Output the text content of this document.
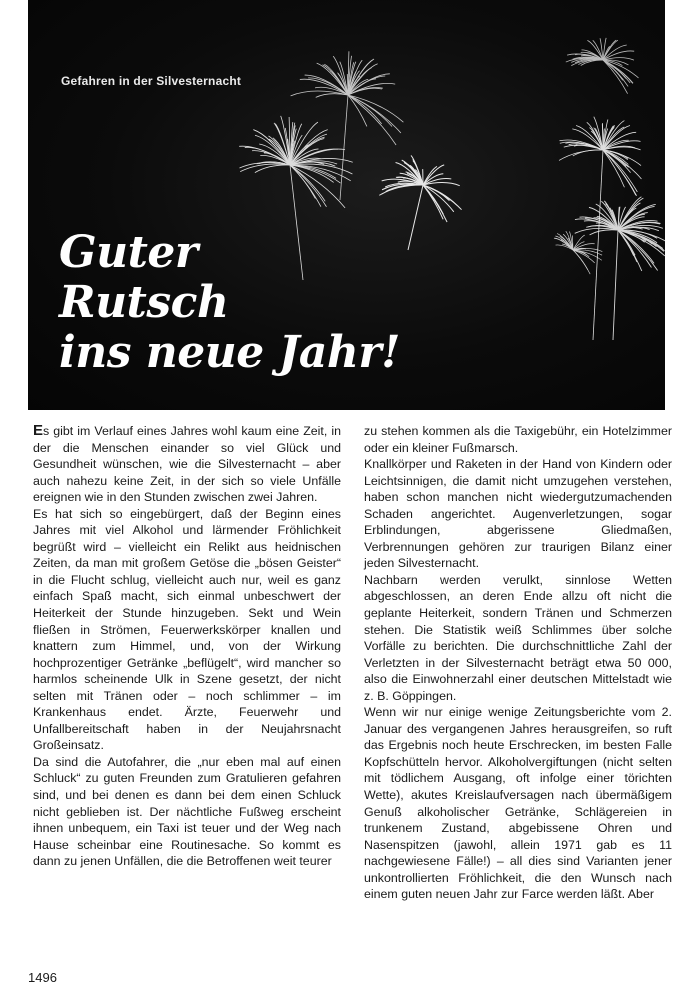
Gefahren in der Silvesternacht

Guter
Rutsch
ins neue Jahr!

Es gibt im Verlauf eines Jahres wohl kaum eine Zeit, in der die Menschen einander so viel Glück und Gesundheit wünschen, wie die Silvesternacht – aber auch nahezu keine Zeit, in der sich so viele Unfälle ereignen wie in den Stunden zwischen zwei Jahren.

Es hat sich so eingebürgert, daß der Beginn eines Jahres mit viel Alkohol und lärmender Fröhlichkeit begrüßt wird – vielleicht ein Relikt aus heidnischen Zeiten, da man mit großem Getöse die „bösen Geister“ in die Flucht schlug, vielleicht auch nur, weil es ganz einfach Spaß macht, sich einmal unbeschwert der Heiterkeit der Stunde hinzugeben. Sekt und Wein fließen in Strömen, Feuerwerkskörper knallen und knattern zum Himmel, und, von der Wirkung hochprozentiger Getränke „beflügelt“, wird mancher so harmlos scheinende Ulk in Szene gesetzt, der nicht selten mit Tränen oder – noch schlimmer – im Krankenhaus endet. Ärzte, Feuerwehr und Unfallbereitschaft haben in der Neujahrsnacht Großeinsatz.

Da sind die Autofahrer, die „nur eben mal auf einen Schluck“ zu guten Freunden zum Gratulieren gefahren sind, und bei denen es dann bei dem einen Schluck nicht geblieben ist. Der nächtliche Fußweg erscheint ihnen unbequem, ein Taxi ist teuer und der Weg nach Hause scheinbar eine Routinesache. So kommt es dann zu jenen Unfällen, die die Betroffenen weit teurer

zu stehen kommen als die Taxigebühr, ein Hotelzimmer oder ein kleiner Fußmarsch.

Knallkörper und Raketen in der Hand von Kindern oder Leichtsinnigen, die damit nicht umzugehen verstehen, haben schon manchen nicht wiedergutzumachenden Schaden angerichtet. Augenverletzungen, sogar Erblindungen, abgerissene Gliedmaßen, Verbrennungen gehören zur traurigen Bilanz einer jeden Silvesternacht.

Nachbarn werden verulkt, sinnlose Wetten abgeschlossen, an deren Ende allzu oft nicht die geplante Heiterkeit, sondern Tränen und Schmerzen stehen. Die Statistik weiß Schlimmes über solche Vorfälle zu berichten. Die durchschnittliche Zahl der Verletzten in der Silvesternacht beträgt etwa 50 000, also die Einwohnerzahl einer deutschen Mittelstadt wie z. B. Göppingen.

Wenn wir nur einige wenige Zeitungsberichte vom 2. Januar des vergangenen Jahres herausgreifen, so ruft das Ergebnis noch heute Erschrecken, im besten Falle Kopfschütteln hervor. Alkoholvergiftungen (nicht selten mit tödlichem Ausgang, oft infolge einer törichten Wette), akutes Kreislaufversagen nach übermäßigem Genuß alkoholischer Getränke, Schlägereien in trunkenem Zustand, abgebissene Ohren und Nasenspitzen (jawohl, allein 1971 gab es 11 nachgewiesene Fälle!) – all dies sind Varianten jener unkontrollierten Fröhlichkeit, die den Wunsch nach einem guten neuen Jahr zur Farce werden läßt. Aber

1496
